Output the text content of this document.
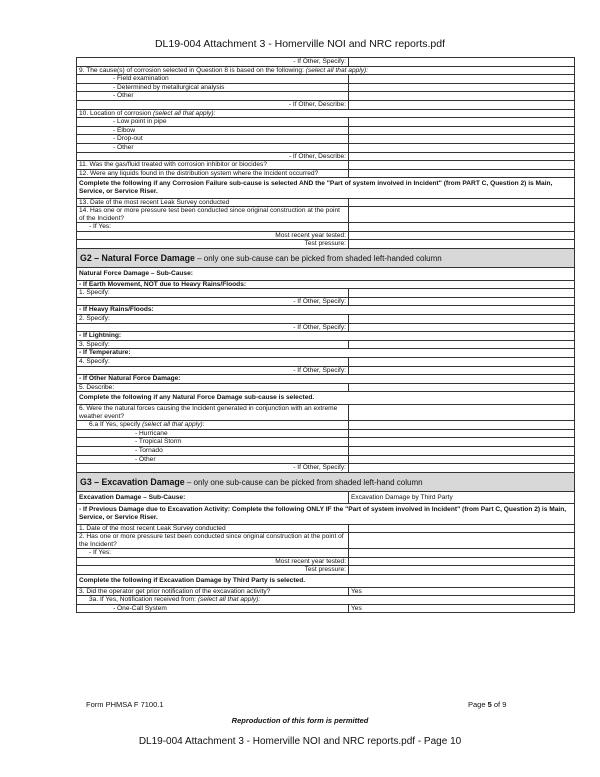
DL19-004 Attachment 3 - Homerville NOI and NRC reports.pdf
- If Other, Specify:	
9. The cause(s) of corrosion selected in Question 8 is based on the following: (select all that apply):	
- Field examination	
- Determined by metallurgical analysis	
- Other	
- If Other, Describe:	
10. Location of corrosion (select all that apply):	
- Low point in pipe	
- Elbow	
- Drop-out	
- Other	
- If Other, Describe:	
11. Was the gas/fluid treated with corrosion inhibitor or biocides?	
12. Were any liquids found in the distribution system where the Incident occurred?	
Complete the following if any Corrosion Failure sub-cause is selected AND the "Part of system involved in Incident" (from PART C, Question 2) is Main, Service, or Service Riser.	
13. Date of the most recent Leak Survey conducted	
14. Has one or more pressure test been conducted since original construction at the point of the Incident?	
- If Yes:	
Most recent year tested:	
Test pressure:	
G2 – Natural Force Damage – only one sub-cause can be picked from shaded left-handed column	
Natural Force Damage – Sub-Cause:	
- If Earth Movement, NOT due to Heavy Rains/Floods:	
1. Specify:	
- If Other, Specify:	
- If Heavy Rains/Floods:	
2. Specify:	
- If Other, Specify:	
- If Lightning:	
3. Specify:	
- If Temperature:	
4. Specify:	
- If Other, Specify:	
- If Other Natural Force Damage:	
5. Describe:	
Complete the following if any Natural Force Damage sub-cause is selected.	
6. Were the natural forces causing the Incident generated in conjunction with an extreme weather event?	
6.a If Yes, specify (select all that apply):	
- Hurricane	
- Tropical Storm	
- Tornado	
- Other	
- If Other, Specify:	
G3 – Excavation Damage – only one sub-cause can be picked from shaded left-hand column	
Excavation Damage – Sub-Cause:	Excavation Damage by Third Party
- If Previous Damage due to Excavation Activity: Complete the following ONLY IF the "Part of system involved in Incident" (from Part C, Question 2) is Main, Service, or Service Riser.	
1. Date of the most recent Leak Survey conducted	
2. Has one or more pressure test been conducted since original construction at the point of the Incident?	
- If Yes:	
Most recent year tested:	
Test pressure:	
Complete the following if Excavation Damage by Third Party is selected.	
3. Did the operator get prior notification of the excavation activity?	Yes
3a. If Yes, Notification received from: (select all that apply):	
- One-Call System	Yes
Form PHMSA F 7100.1	Page 5 of 9
Reproduction of this form is permitted
DL19-004 Attachment 3 - Homerville NOI and NRC reports.pdf - Page 10
